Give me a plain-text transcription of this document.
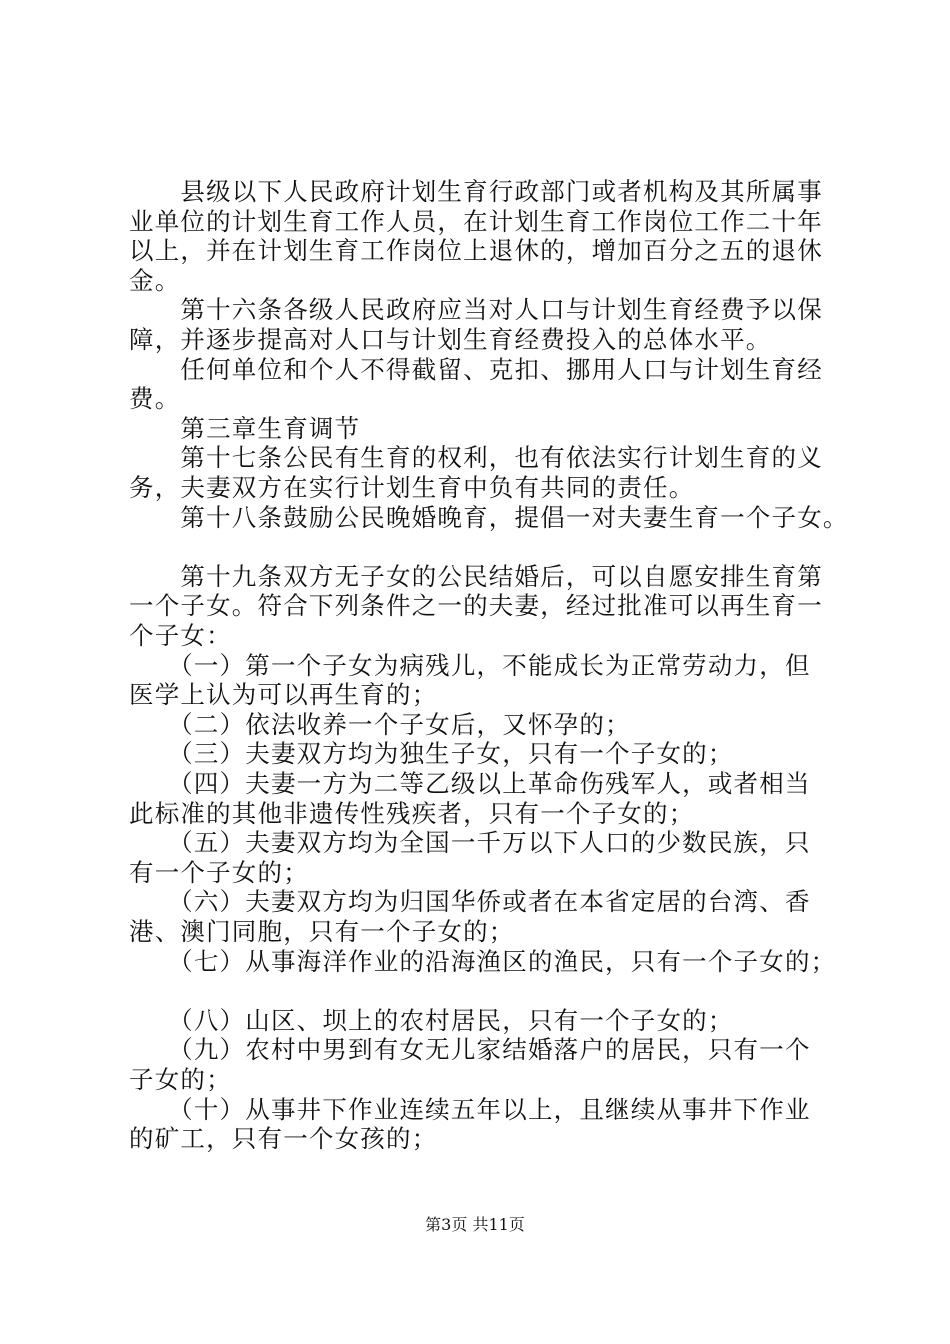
　　县级以下人民政府计划生育行政部门或者机构及其所属事
业单位的计划生育工作人员，在计划生育工作岗位工作二十年
以上，并在计划生育工作岗位上退休的，增加百分之五的退休
金。
　　第十六条各级人民政府应当对人口与计划生育经费予以保
障，并逐步提高对人口与计划生育经费投入的总体水平。
　　任何单位和个人不得截留、克扣、挪用人口与计划生育经
费。
　　第三章生育调节
　　第十七条公民有生育的权利，也有依法实行计划生育的义
务，夫妻双方在实行计划生育中负有共同的责任。
　　第十八条鼓励公民晚婚晚育，提倡一对夫妻生育一个子女。
　　第十九条双方无子女的公民结婚后，可以自愿安排生育第
一个子女。符合下列条件之一的夫妻，经过批准可以再生育一
个子女：
　　（一）第一个子女为病残儿，不能成长为正常劳动力，但
医学上认为可以再生育的；
　　（二）依法收养一个子女后，又怀孕的；
　　（三）夫妻双方均为独生子女，只有一个子女的；
　　（四）夫妻一方为二等乙级以上革命伤残军人，或者相当
此标准的其他非遗传性残疾者，只有一个子女的；
　　（五）夫妻双方均为全国一千万以下人口的少数民族，只
有一个子女的；
　　（六）夫妻双方均为归国华侨或者在本省定居的台湾、香
港、澳门同胞，只有一个子女的；
　　（七）从事海洋作业的沿海渔区的渔民，只有一个子女的；
　　（八）山区、坝上的农村居民，只有一个子女的；
　　（九）农村中男到有女无儿家结婚落户的居民，只有一个
子女的；
　　（十）从事井下作业连续五年以上，且继续从事井下作业
的矿工，只有一个女孩的；
第3页 共11页
